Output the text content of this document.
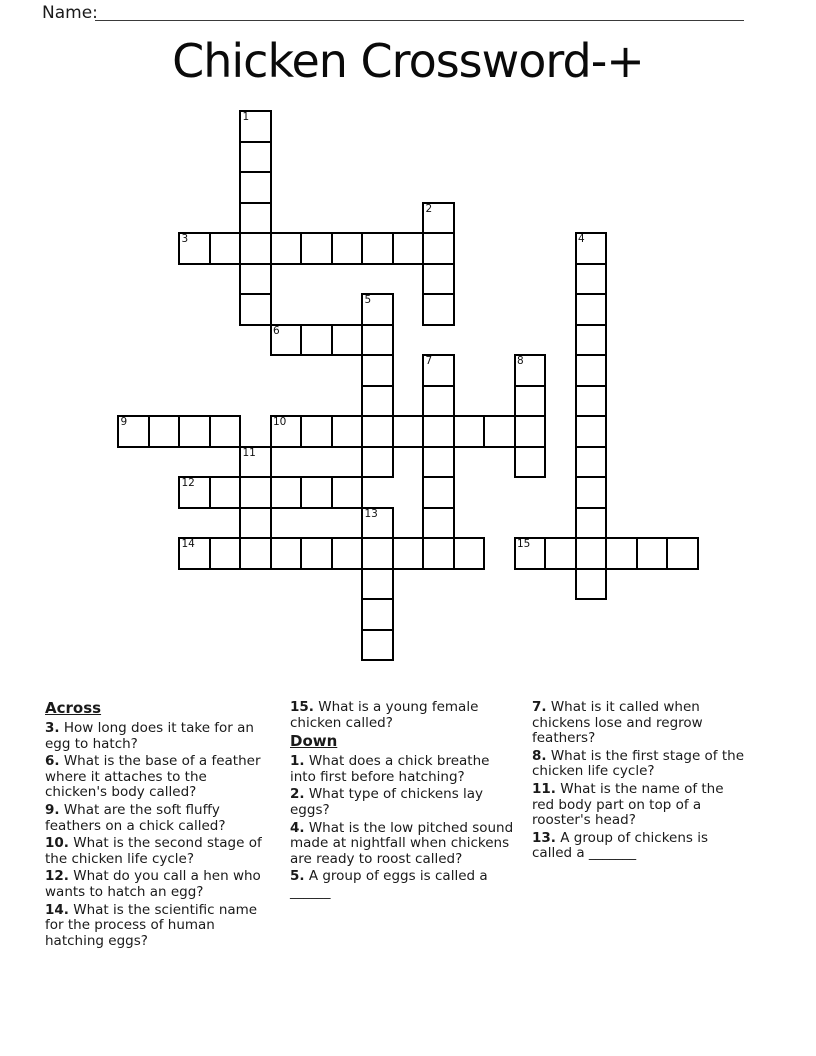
Name:
Chicken Crossword-+
1
2
3	4
5
6
7	8
9	10
11
12
13
14	15
Across
3. How long does it take for an egg to hatch?
6. What is the base of a feather where it attaches to the chicken's body called?
9. What are the soft fluffy feathers on a chick called?
10. What is the second stage of the chicken life cycle?
12. What do you call a hen who wants to hatch an egg?
14. What is the scientific name for the process of human hatching eggs?
15. What is a young female chicken called?
Down
1. What does a chick breathe into first before hatching?
2. What type of chickens lay eggs?
4. What is the low pitched sound made at nightfall when chickens are ready to roost called?
5. A group of eggs is called a ______
7. What is it called when chickens lose and regrow feathers?
8. What is the first stage of the chicken life cycle?
11. What is the name of the red body part on top of a rooster's head?
13. A group of chickens is called a _______
